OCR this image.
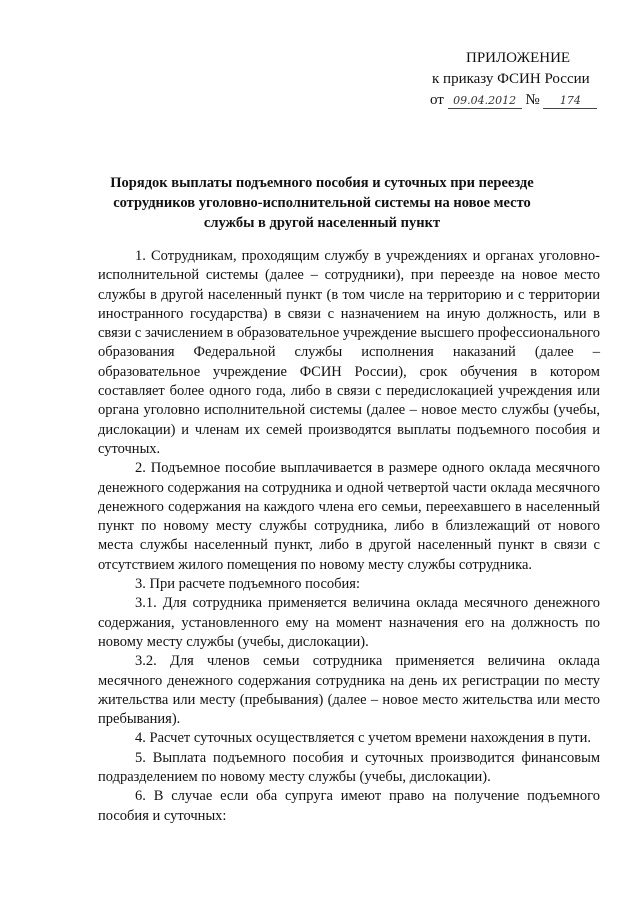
ПРИЛОЖЕНИЕ
к приказу ФСИН России
от 09.04.2012 № 174
Порядок выплаты подъемного пособия и суточных при переезде сотрудников уголовно-исполнительной системы на новое место службы в другой населенный пункт

1. Сотрудникам, проходящим службу в учреждениях и органах уголовно-исполнительной системы (далее – сотрудники), при переезде на новое место службы в другой населенный пункт (в том числе на территорию и с территории иностранного государства) в связи с назначением на иную должность, или в связи с зачислением в образовательное учреждение высшего профессионального образования Федеральной службы исполнения наказаний (далее – образовательное учреждение ФСИН России), срок обучения в котором составляет более одного года, либо в связи с передислокацией учреждения или органа уголовно исполнительной системы (далее – новое место службы (учебы, дислокации) и членам их семей производятся выплаты подъемного пособия и суточных.

2. Подъемное пособие выплачивается в размере одного оклада месячного денежного содержания на сотрудника и одной четвертой части оклада месячного денежного содержания на каждого члена его семьи, переехавшего в населенный пункт по новому месту службы сотрудника, либо в близлежащий от нового места службы населенный пункт, либо в другой населенный пункт в связи с отсутствием жилого помещения по новому месту службы сотрудника.

3. При расчете подъемного пособия:

3.1. Для сотрудника применяется величина оклада месячного денежного содержания, установленного ему на момент назначения его на должность по новому месту службы (учебы, дислокации).

3.2. Для членов семьи сотрудника применяется величина оклада месячного денежного содержания сотрудника на день их регистрации по месту жительства или месту (пребывания) (далее – новое место жительства или место пребывания).

4. Расчет суточных осуществляется с учетом времени нахождения в пути.

5. Выплата подъемного пособия и суточных производится финансовым подразделением по новому месту службы (учебы, дислокации).

6. В случае если оба супруга имеют право на получение подъемного пособия и суточных:
